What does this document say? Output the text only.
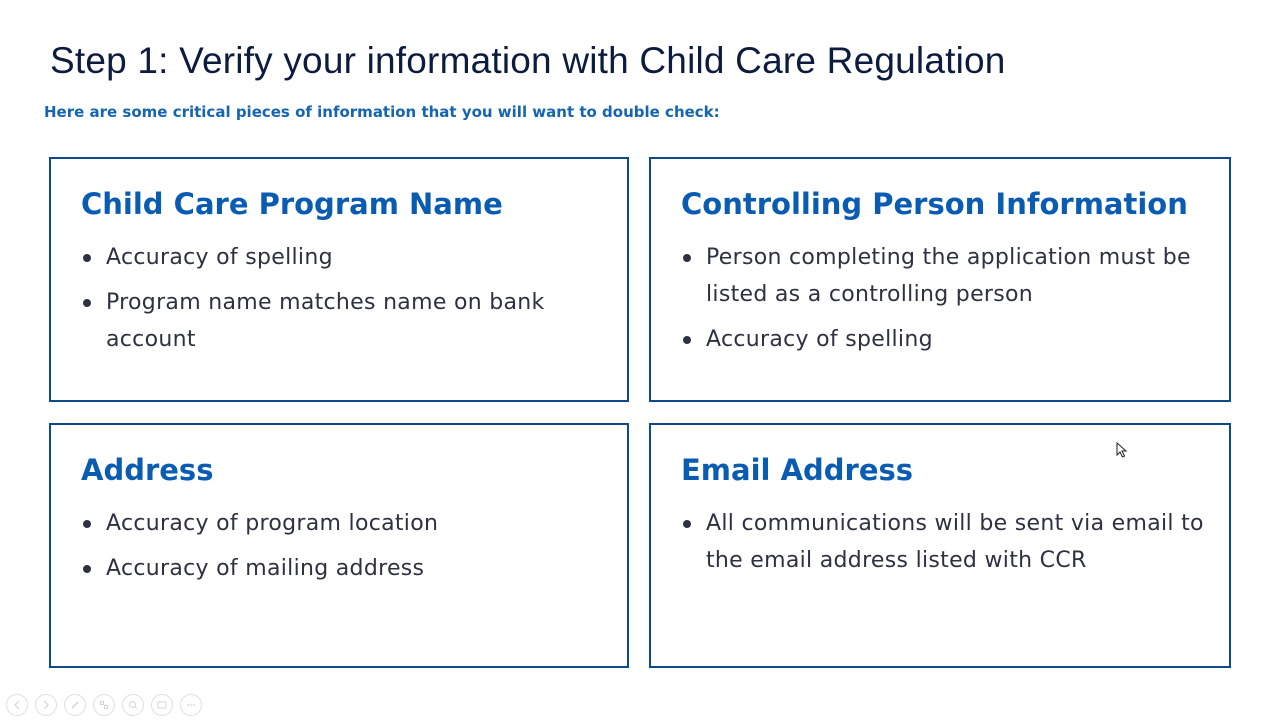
Step 1: Verify your information with Child Care Regulation

Here are some critical pieces of information that you will want to double check:

Child Care Program Name
Accuracy of spelling
Program name matches name on bank account
Controlling Person Information
Person completing the application must be listed as a controlling person
Accuracy of spelling
Address
Accuracy of program location
Accuracy of mailing address
Email Address
All communications will be sent via email to the email address listed with CCR
